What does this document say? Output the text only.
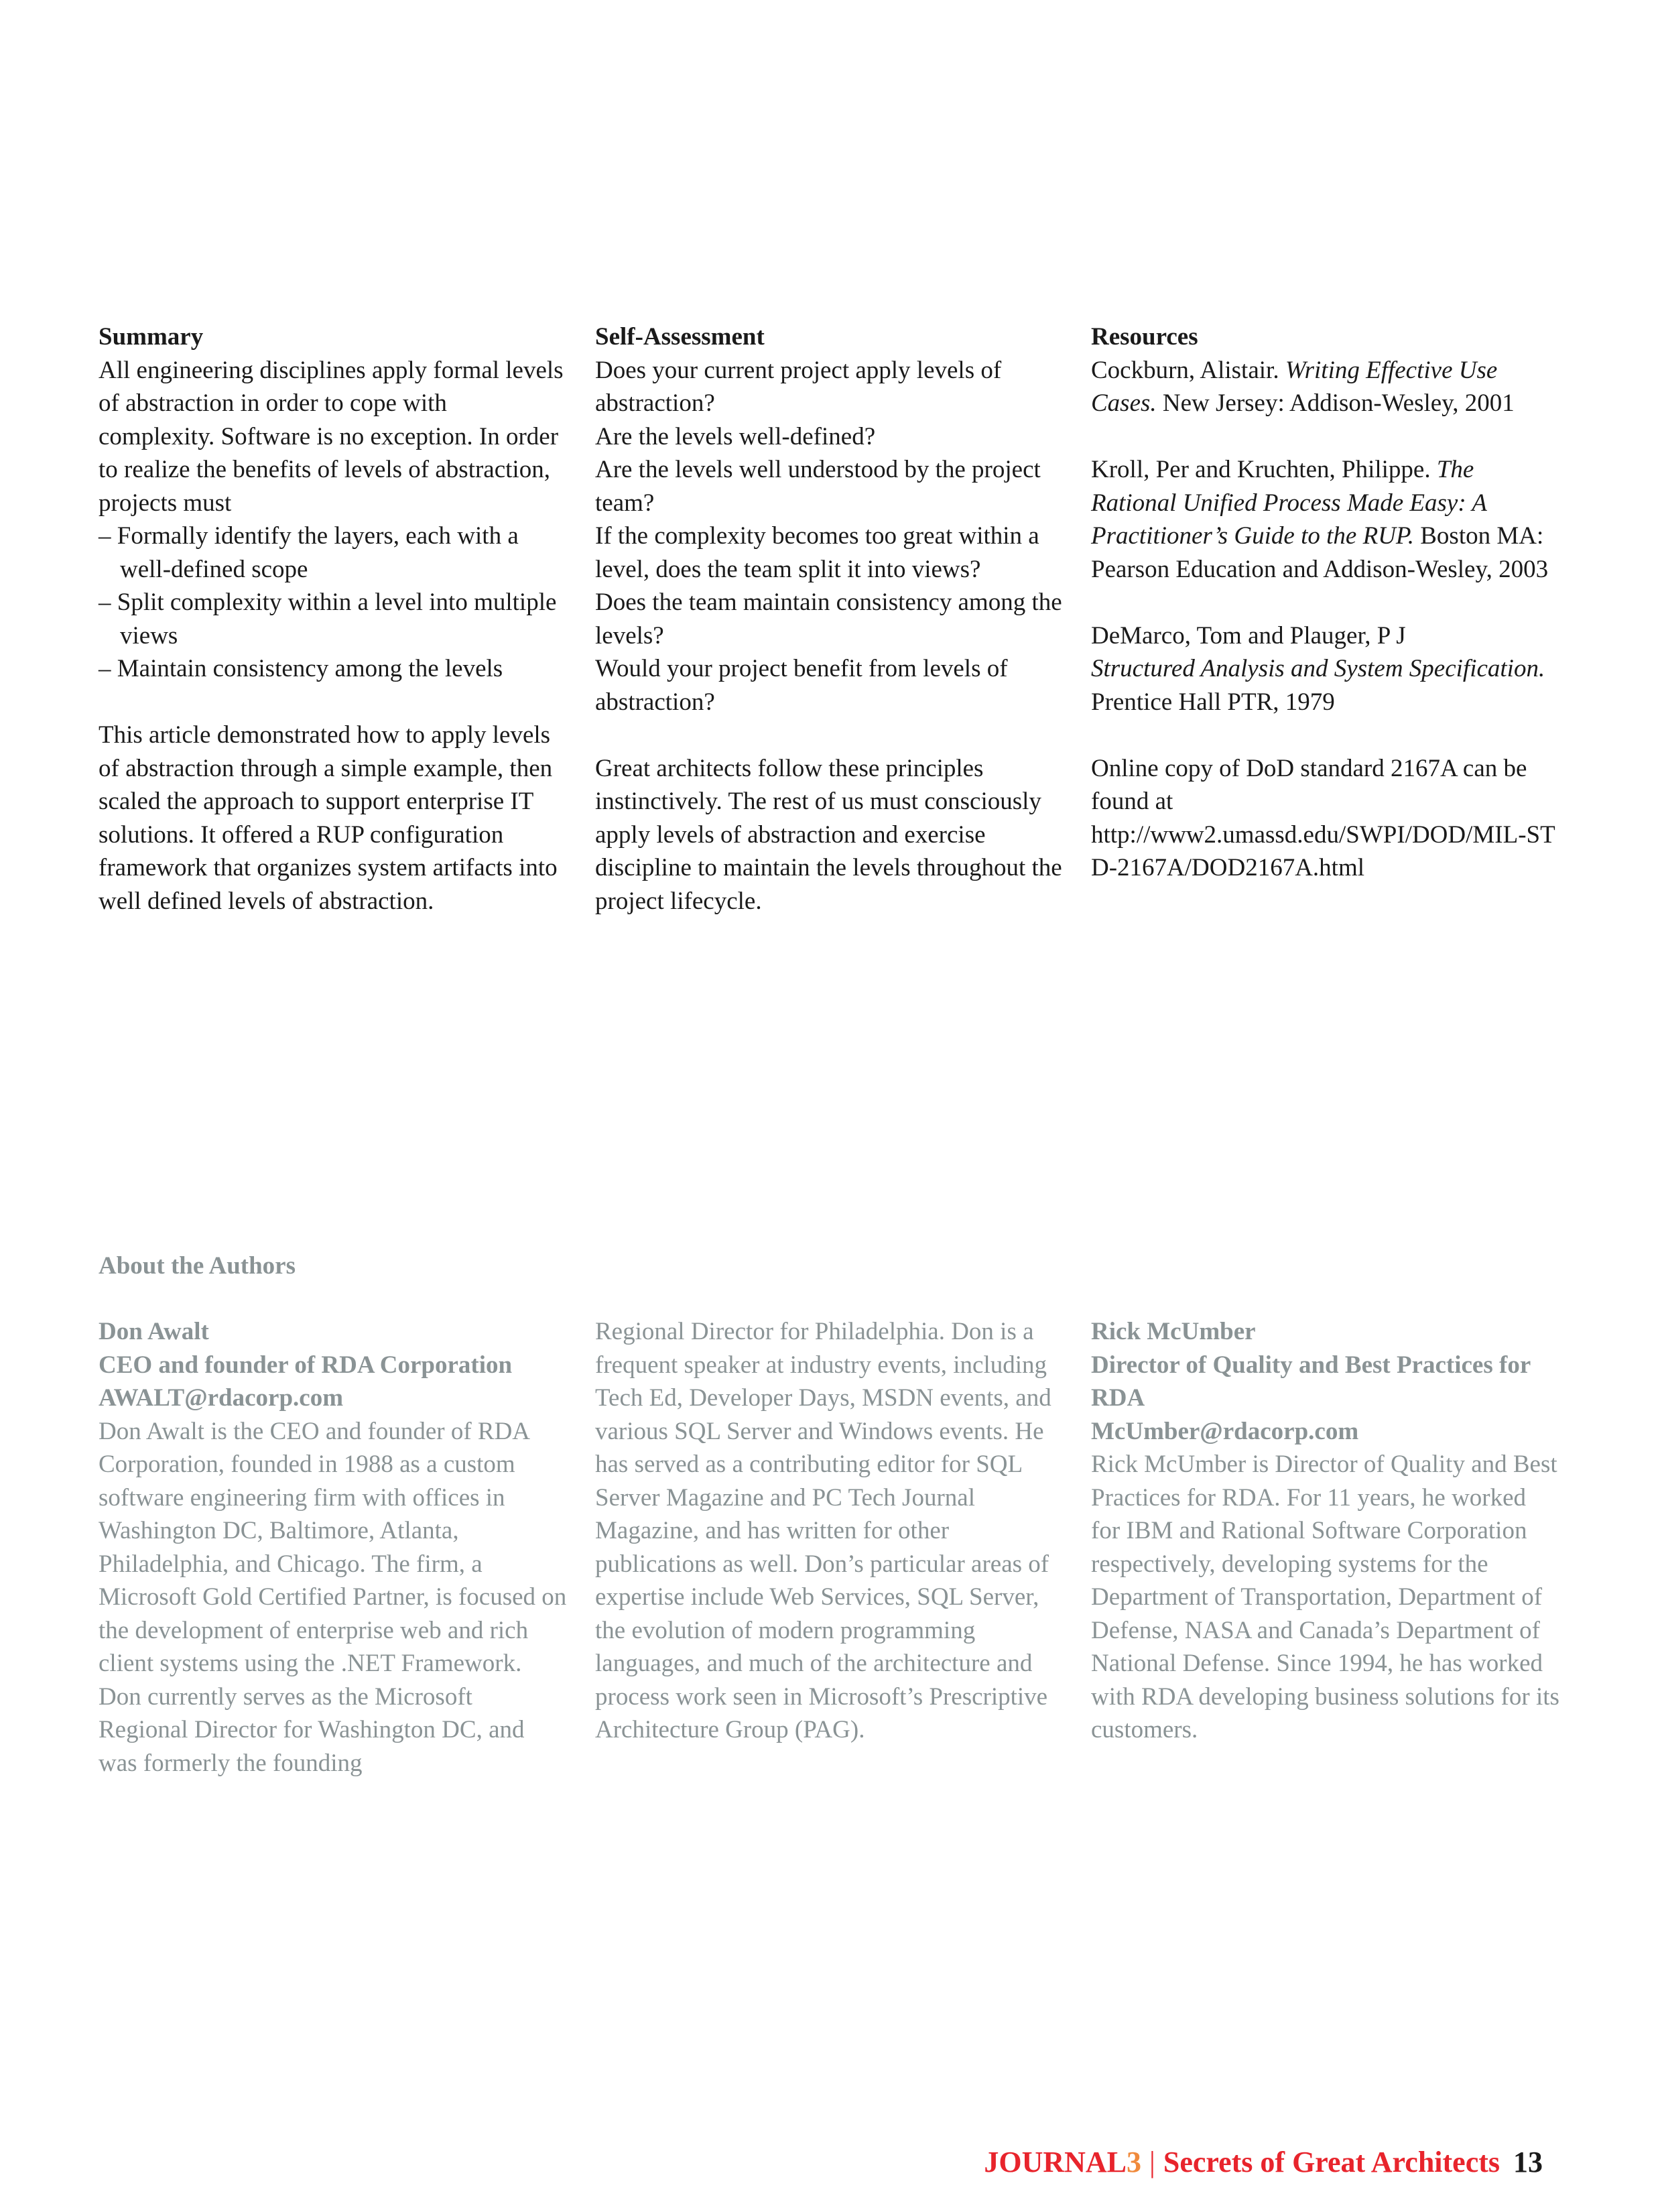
Summary

All engineering disciplines apply formal levels of abstraction in order to cope with complexity. Software is no exception. In order to realize the benefits of levels of abstraction, projects must

– Formally identify the layers, each with a well-defined scope

– Split complexity within a level into multiple views

– Maintain consistency among the levels

This article demonstrated how to apply levels of abstraction through a simple example, then scaled the approach to support enterprise IT solutions. It offered a RUP configuration framework that organizes system artifacts into well defined levels of abstraction.

Self-Assessment

Does your current project apply levels of abstraction?

Are the levels well-defined?

Are the levels well understood by the project team?

If the complexity becomes too great within a level, does the team split it into views?

Does the team maintain consistency among the levels?

Would your project benefit from levels of abstraction?

Great architects follow these principles instinctively. The rest of us must consciously apply levels of abstraction and exercise discipline to maintain the levels throughout the project lifecycle.

Resources

Cockburn, Alistair. Writing Effective Use Cases. New Jersey: Addison-Wesley, 2001

Kroll, Per and Kruchten, Philippe. The Rational Unified Process Made Easy: A Practitioner’s Guide to the RUP. Boston MA: Pearson Education and Addison-Wesley, 2003

DeMarco, Tom and Plauger, P J
Structured Analysis and System Specification. Prentice Hall PTR, 1979

Online copy of DoD standard 2167A can be found at

http://www2.umassd.edu/SWPI/DOD/MIL-STD-2167A/DOD2167A.html

About the Authors

Don Awalt

CEO and founder of RDA Corporation AWALT@rdacorp.com

Don Awalt is the CEO and founder of RDA Corporation, founded in 1988 as a custom software engineering firm with offices in Washington DC, Baltimore, Atlanta, Philadelphia, and Chicago. The firm, a Microsoft Gold Certified Partner, is focused on the development of enterprise web and rich client systems using the .NET Framework. Don currently serves as the Microsoft Regional Director for Washington DC, and was formerly the founding

Regional Director for Philadelphia. Don is a frequent speaker at industry events, including Tech Ed, Developer Days, MSDN events, and various SQL Server and Windows events. He has served as a contributing editor for SQL Server Magazine and PC Tech Journal Magazine, and has written for other publications as well. Don’s particular areas of expertise include Web Services, SQL Server, the evolution of modern programming languages, and much of the architecture and process work seen in Microsoft’s Prescriptive Architecture Group (PAG).

Rick McUmber

Director of Quality and Best Practices for RDA

McUmber@rdacorp.com

Rick McUmber is Director of Quality and Best Practices for RDA. For 11 years, he worked for IBM and Rational Software Corporation respectively, developing systems for the Department of Transportation, Department of Defense, NASA and Canada’s Department of National Defense. Since 1994, he has worked with RDA developing business solutions for its customers.

JOURNAL3 | Secrets of Great Architects 13
